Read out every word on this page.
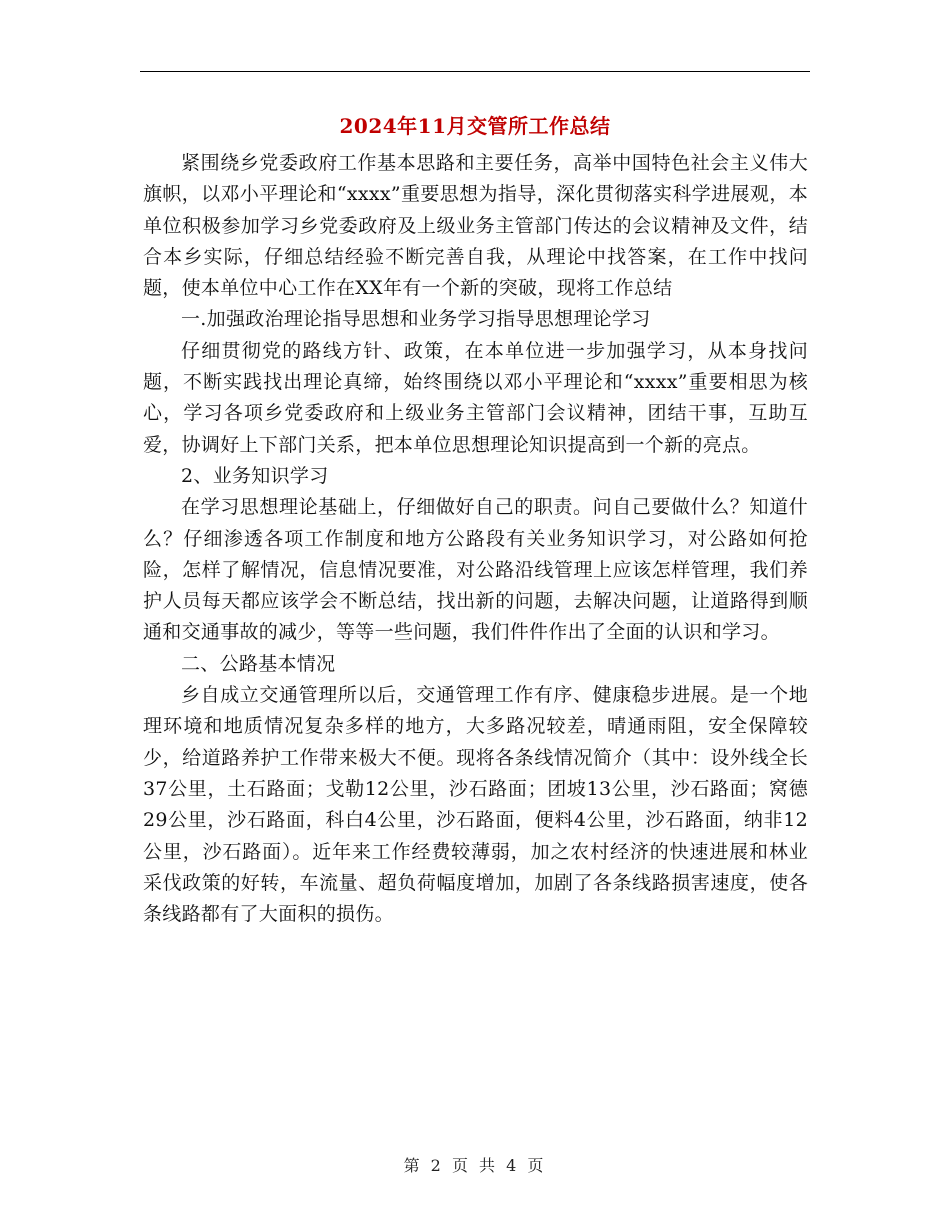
2024年11月交管所工作总结

紧围绕乡党委政府工作基本思路和主要任务，高举中国特色社会主义伟大旗帜，以邓小平理论和“xxxx”重要思想为指导，深化贯彻落实科学进展观，本单位积极参加学习乡党委政府及上级业务主管部门传达的会议精神及文件，结合本乡实际，仔细总结经验不断完善自我，从理论中找答案，在工作中找问题，使本单位中心工作在XX年有一个新的突破，现将工作总结

一.加强政治理论指导思想和业务学习指导思想理论学习

仔细贯彻党的路线方针、政策，在本单位进一步加强学习，从本身找问题，不断实践找出理论真缔，始终围绕以邓小平理论和“xxxx”重要相思为核心，学习各项乡党委政府和上级业务主管部门会议精神，团结干事，互助互爱，协调好上下部门关系，把本单位思想理论知识提高到一个新的亮点。

2、业务知识学习

在学习思想理论基础上，仔细做好自己的职责。问自己要做什么？知道什么？仔细渗透各项工作制度和地方公路段有关业务知识学习，对公路如何抢险，怎样了解情况，信息情况要准，对公路沿线管理上应该怎样管理，我们养护人员每天都应该学会不断总结，找出新的问题，去解决问题，让道路得到顺通和交通事故的减少，等等一些问题，我们件件作出了全面的认识和学习。

二、公路基本情况

乡自成立交通管理所以后，交通管理工作有序、健康稳步进展。是一个地理环境和地质情况复杂多样的地方，大多路况较差，晴通雨阻，安全保障较少，给道路养护工作带来极大不便。现将各条线情况简介（其中：设外线全长37公里，土石路面；戈勒12公里，沙石路面；团坡13公里，沙石路面；窝德29公里，沙石路面，科白4公里，沙石路面，便料4公里，沙石路面，纳非12公里，沙石路面）。近年来工作经费较薄弱，加之农村经济的快速进展和林业采伐政策的好转，车流量、超负荷幅度增加，加剧了各条线路损害速度，使各条线路都有了大面积的损伤。

第 2 页 共 4 页
